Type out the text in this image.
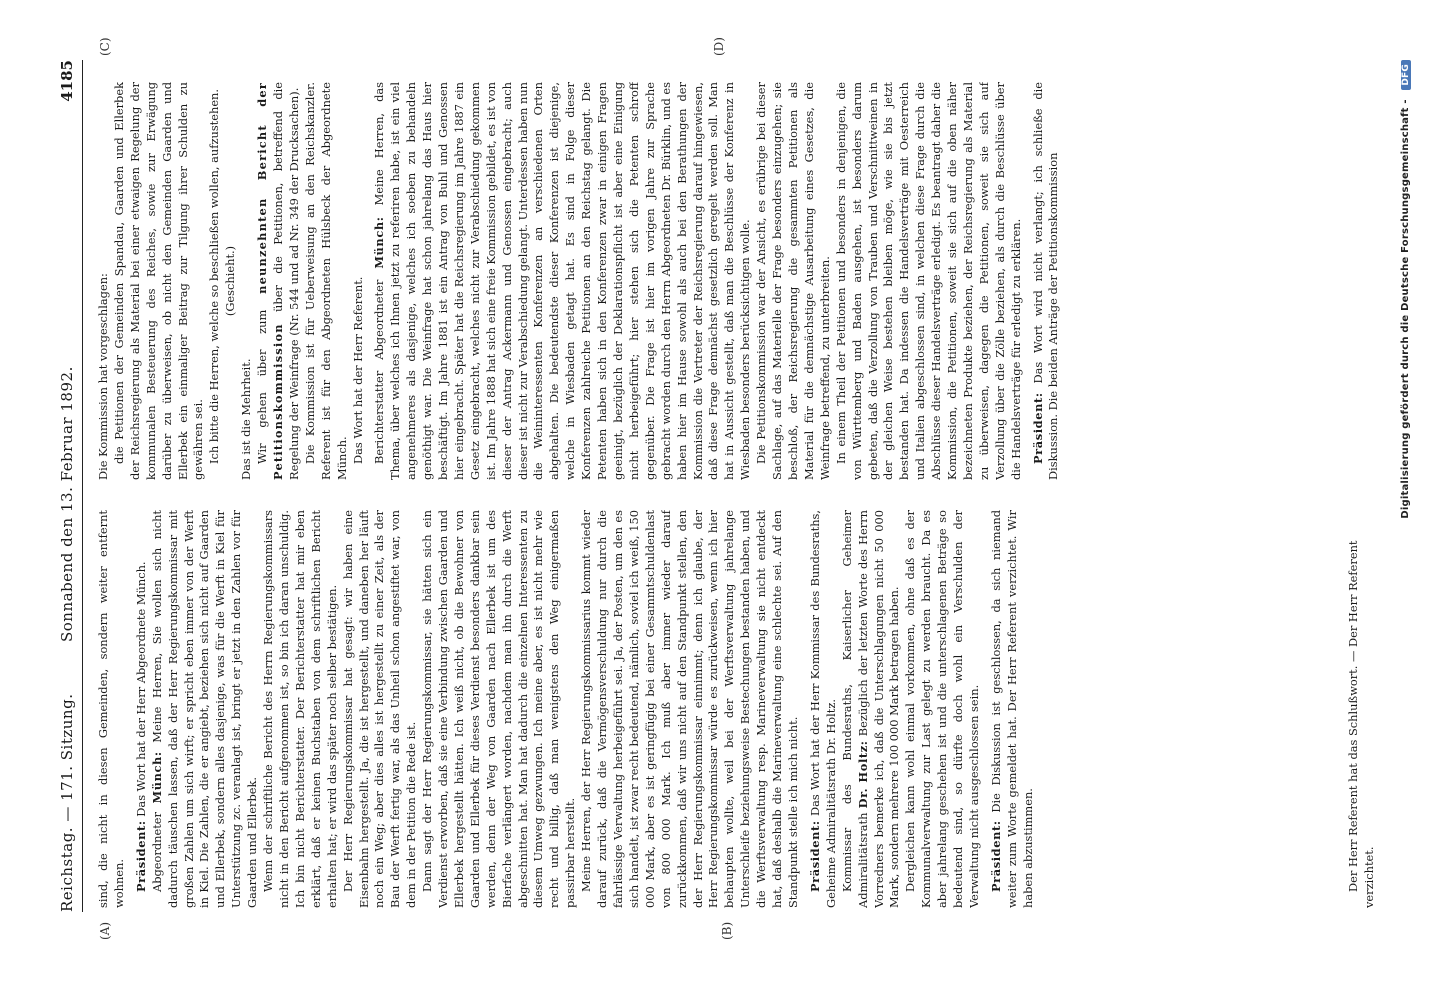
Reichstag. — 171. Sitzung.
Sonnabend den 13. Februar 1892.
4185
(A)	(B)
(C)	(D)

sind, die nicht in diesen Gemeinden, sondern weiter entfernt wohnen. Präsident: Das Wort hat der Herr Abgeordnete Münch.

Abgeordneter Münch: Meine Herren, Sie wollen sich nicht dadurch täuschen lassen, daß der Herr Regierungskommissar mit großen Zahlen um sich wirft; er spricht eben immer von der Werft in Kiel. Die Zahlen, die er angiebt, beziehen sich nicht auf Gaarden und Ellerbek, sondern alles dasjenige, was für die Werft in Kiel für Unterstützung zc. veranlagt ist, bringt er jetzt in den Zahlen vor für Gaarden und Ellerbek. Wenn der schriftliche Bericht des Herrn Regierungskommissars nicht in den Bericht aufgenommen ist, so bin ich daran unschuldig. Ich bin nicht Berichterstatter. Der Berichterstatter hat mir eben erklärt, daß er keinen Buchstaben von dem schriftlichen Bericht erhalten hat; er wird das später noch selber bestätigen. Der Herr Regierungskommissar hat gesagt: wir haben eine Eisenbahn hergestellt. Ja, die ist hergestellt, und daneben her läuft noch ein Weg; aber dies alles ist hergestellt zu einer Zeit, als der Bau der Werft fertig war, als das Unheil schon angestiftet war, von dem in der Petition die Rede ist. Dann sagt der Herr Regierungskommissar, sie hätten sich ein Verdienst erworben, daß sie eine Verbindung zwischen Gaarden und Ellerbek hergestellt hätten. Ich weiß nicht, ob die Bewohner von Gaarden und Ellerbek für dieses Verdienst besonders dankbar sein werden, denn der Weg von Gaarden nach Ellerbek ist um des Bierfache verlängert worden, nachdem man ihn durch die Werft abgeschnitten hat. Man hat dadurch die einzelnen Interessenten zu diesem Umweg gezwungen. Ich meine aber, es ist nicht mehr wie recht und billig, daß man wenigstens den Weg einigermaßen passirbar herstellt. Meine Herren, der Herr Regierungskommissarius kommt wieder darauf zurück, daß die Vermögensverschuldung nur durch die fahrlässige Verwaltung herbeigeführt sei. Ja, der Posten, um den es sich handelt, ist zwar recht bedeutend, nämlich, soviel ich weiß, 150 000 Mark, aber es ist geringfügig bei einer Gesammtschuldenlast von 800 000 Mark. Ich muß aber immer wieder darauf zurückkommen, daß wir uns nicht auf den Standpunkt stellen, den der Herr Regierungskommissar einnimmt; denn ich glaube, der Herr Regierungskommissar würde es zurückweisen, wenn ich hier behaupten wollte, weil bei der Werftsverwaltung jahrelange Unterschleife beziehungsweise Bestechungen bestanden haben, und die Werftsverwaltung resp. Marineverwaltung sie nicht entdeckt hat, daß deshalb die Marineverwaltung eine schlechte sei. Auf den Standpunkt stelle ich mich nicht. Präsident: Das Wort hat der Herr Kommissar des Bundesraths, Geheime Admiralitätsrath Dr. Holtz. Kommissar des Bundesraths, Kaiserlicher Geheimer Admiralitätsrath Dr. Holtz: Bezüglich der letzten Worte des Herrn Vorredners bemerke ich, daß die Unterschlagungen nicht 50 000 Mark, sondern mehrere 100 000 Mark betragen haben. Dergleichen kann wohl einmal vorkommen, ohne daß es der Kommunalverwaltung zur Last gelegt zu werden braucht. Da es aber jahrelang geschehen ist und die unterschlagenen Beträge so bedeutend sind, so dürfte doch wohl ein Verschulden der Verwaltung nicht ausgeschlossen sein. Präsident: Die Diskussion ist geschlossen, da sich niemand weiter zum Worte gemeldet hat. Der Herr Referent verzichtet. Wir haben abzustimmen.

Die Kommission hat vorgeschlagen: die Petitionen der Gemeinden Spandau, Gaarden und Ellerbek der Reichsregierung als Material bei einer etwaigen Regelung der kommunalen Besteuerung des Reiches, sowie zur Erwägung darüber zu überweisen, ob nicht den Gemeinden Gaarden und Ellerbek ein einmaliger Beitrag zur Tilgung ihrer Schulden zu gewähren sei. Ich bitte die Herren, welche so beschließen wollen, aufzustehen. (Geschieht.)

Das ist die Mehrheit. Wir gehen über zum neunzehnten Bericht der Petitionskommission über die Petitionen, betreffend die Regelung der Weinfrage (Nr. 544 und ad Nr. 349 der Drucksachen). Die Kommission ist für Ueberweisung an den Reichskanzler. Referent ist für den Abgeordneten Hülsbeck der Abgeordnete Münch. Das Wort hat der Herr Referent. Berichterstatter Abgeordneter Münch: Meine Herren, das Thema, über welches ich Ihnen jetzt zu referiren habe, ist ein viel angenehmeres als dasjenige, welches ich soeben zu behandeln genöthigt war. Die Weinfrage hat schon jahrelang das Haus hier beschäftigt. Im Jahre 1881 ist ein Antrag von Buhl und Genossen hier eingebracht. Später hat die Reichsregierung im Jahre 1887 ein Gesetz eingebracht, welches nicht zur Verabschiedung gekommen ist. Im Jahre 1888 hat sich eine freie Kommission gebildet, es ist von dieser der Antrag Ackermann und Genossen eingebracht; auch dieser ist nicht zur Verabschiedung gelangt. Unterdessen haben nun die Weininteressenten Konferenzen an verschiedenen Orten abgehalten. Die bedeutendste dieser Konferenzen ist diejenige, welche in Wiesbaden getagt hat. Es sind in Folge dieser Konferenzen zahlreiche Petitionen an den Reichstag gelangt. Die Petenten haben sich in den Konferenzen zwar in einigen Fragen geeinigt, bezüglich der Deklarationspflicht ist aber eine Einigung nicht herbeigeführt; hier stehen sich die Petenten schroff gegenüber. Die Frage ist hier im vorigen Jahre zur Sprache gebracht worden durch den Herrn Abgeordneten Dr. Bürklin, und es haben hier im Hause sowohl als auch bei den Berathungen der Kommission die Vertreter der Reichsregierung darauf hingewiesen, daß diese Frage demnächst gesetzlich geregelt werden soll. Man hat in Aussicht gestellt, daß man die Beschlüsse der Konferenz in Wiesbaden besonders berücksichtigen wolle. Die Petitionskommission war der Ansicht, es erübrige bei dieser Sachlage, auf das Materielle der Frage besonders einzugehen; sie beschloß, der Reichsregierung die gesammten Petitionen als Material für die demnächstige Ausarbeitung eines Gesetzes, die Weinfrage betreffend, zu unterbreiten. In einem Theil der Petitionen und besonders in denjenigen, die von Württemberg und Baden ausgehen, ist besonders darum gebeten, daß die Verzollung von Trauben und Verschnittweinen in der gleichen Weise bestehen bleiben möge, wie sie bis jetzt bestanden hat. Da indessen die Handelsverträge mit Oesterreich und Italien abgeschlossen sind, in welchen diese Frage durch die Abschlüsse dieser Handelsverträge erledigt. Es beantragt daher die Kommission, die Petitionen, soweit sie sich auf die oben näher bezeichneten Produkte beziehen, der Reichsregierung als Material zu überweisen, dagegen die Petitionen, soweit sie sich auf Verzollung über die Zölle beziehen, als durch die Beschlüsse über die Handelsverträge für erledigt zu erklären. Präsident: Das Wort wird nicht verlangt; ich schließe die Diskussion. Die beiden Anträge der Petitionskommission

Der Herr Referent hat das Schlußwort. — Der Herr Referent verzichtet.

Digitalisierung gefördert durch die Deutsche Forschungsgemeinschaft - DFG
